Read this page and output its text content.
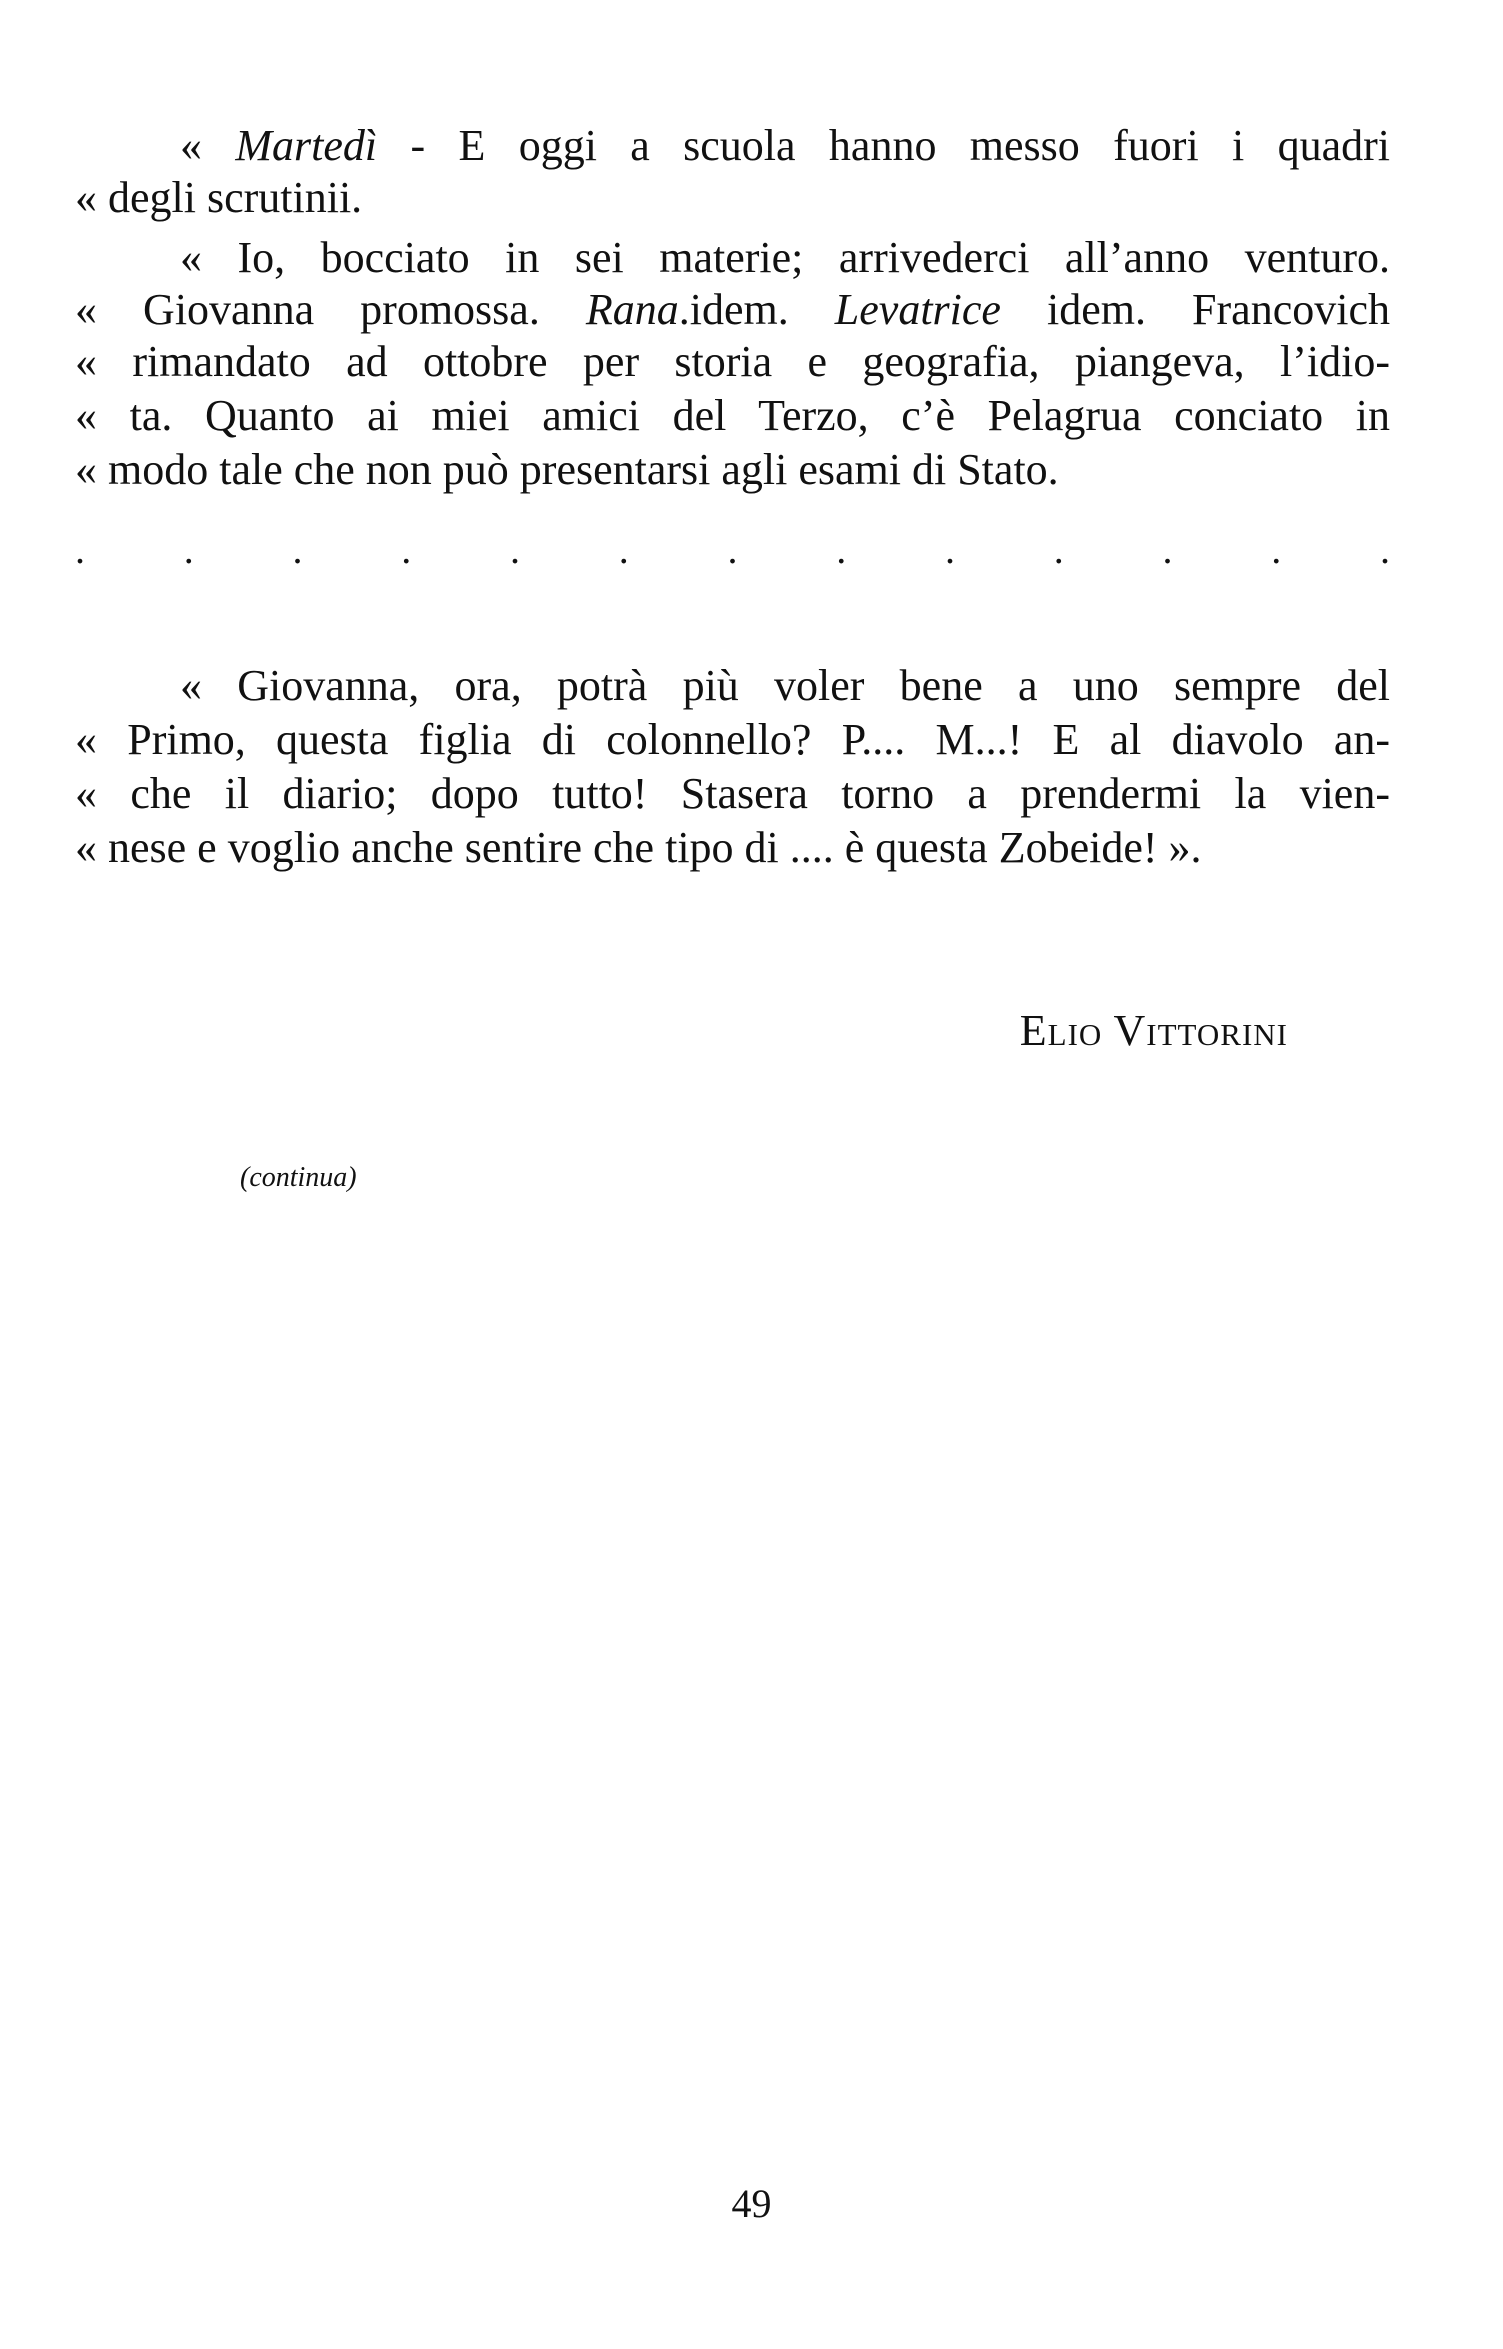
« Martedì - E oggi a scuola hanno messo fuori i quadri
« degli scrutinii.
« Io, bocciato in sei materie; arrivederci all’anno venturo.
« Giovanna promossa. Rana.idem. Levatrice idem. Francovich
« rimandato ad ottobre per storia e geografia, piangeva, l’idio-
« ta. Quanto ai miei amici del Terzo, c’è Pelagrua conciato in
« modo tale che non può presentarsi agli esami di Stato.
. . . . . . . . . . . . .
« Giovanna, ora, potrà più voler bene a uno sempre del
« Primo, questa figlia di colonnello? P.... M...! E al diavolo an-
« che il diario; dopo tutto! Stasera torno a prendermi la vien-
« nese e voglio anche sentire che tipo di .... è questa Zobeide! ».
Elio Vittorini
(continua)
49
